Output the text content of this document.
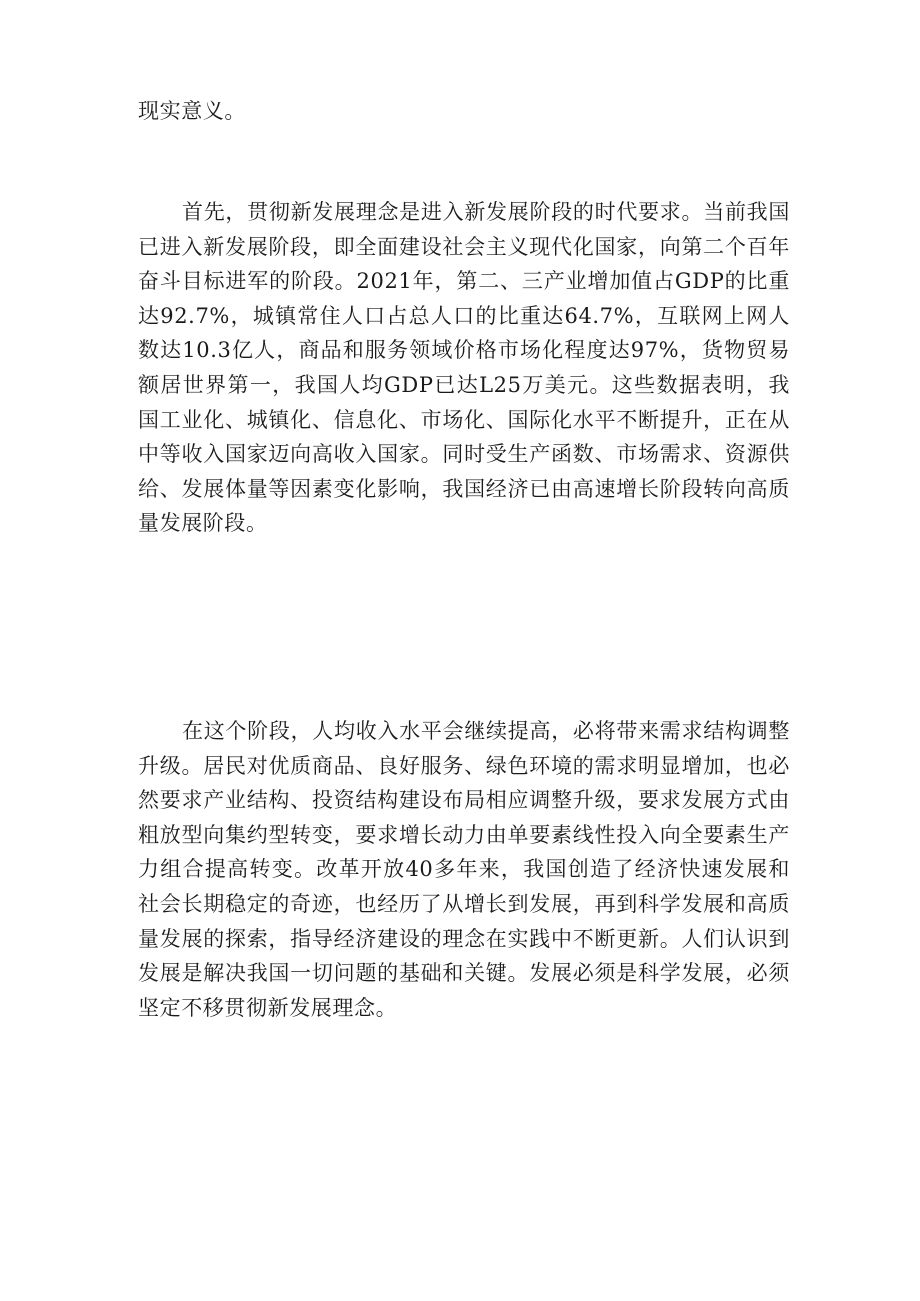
现实意义。

首先，贯彻新发展理念是进入新发展阶段的时代要求。当前我国已进入新发展阶段，即全面建设社会主义现代化国家，向第二个百年奋斗目标进军的阶段。2021年，第二、三产业增加值占GDP的比重达92.7%，城镇常住人口占总人口的比重达64.7%，互联网上网人数达10.3亿人，商品和服务领域价格市场化程度达97%，货物贸易额居世界第一，我国人均GDP已达L25万美元。这些数据表明，我国工业化、城镇化、信息化、市场化、国际化水平不断提升，正在从中等收入国家迈向高收入国家。同时受生产函数、市场需求、资源供给、发展体量等因素变化影响，我国经济已由高速增长阶段转向高质量发展阶段。

在这个阶段，人均收入水平会继续提高，必将带来需求结构调整升级。居民对优质商品、良好服务、绿色环境的需求明显增加，也必然要求产业结构、投资结构建设布局相应调整升级，要求发展方式由粗放型向集约型转变，要求增长动力由单要素线性投入向全要素生产力组合提高转变。改革开放40多年来，我国创造了经济快速发展和社会长期稳定的奇迹，也经历了从增长到发展，再到科学发展和高质量发展的探索，指导经济建设的理念在实践中不断更新。人们认识到发展是解决我国一切问题的基础和关键。发展必须是科学发展，必须坚定不移贯彻新发展理念。
